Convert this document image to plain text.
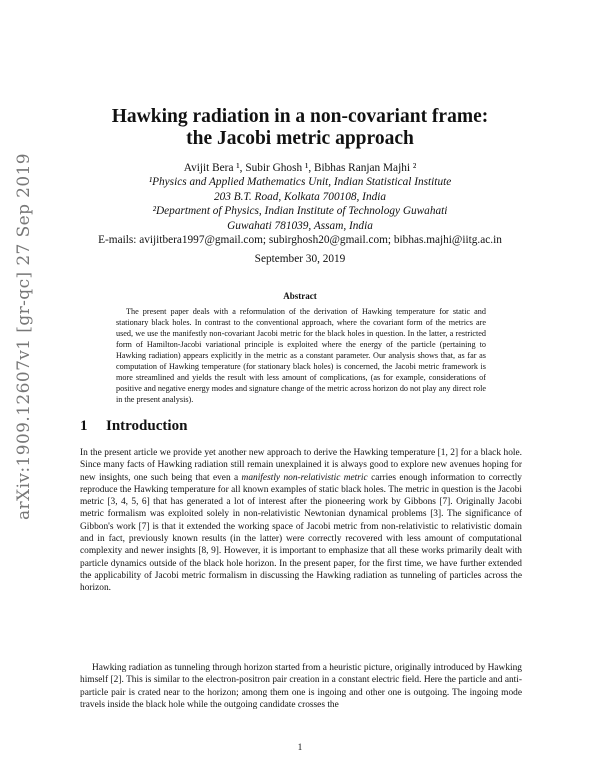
arXiv:1909.12607v1 [gr-qc] 27 Sep 2019
Hawking radiation in a non-covariant frame:
the Jacobi metric approach
Avijit Bera ¹, Subir Ghosh ¹, Bibhas Ranjan Majhi ²
¹Physics and Applied Mathematics Unit, Indian Statistical Institute
203 B.T. Road, Kolkata 700108, India
²Department of Physics, Indian Institute of Technology Guwahati
Guwahati 781039, Assam, India
E-mails: avijitbera1997@gmail.com; subirghosh20@gmail.com; bibhas.majhi@iitg.ac.in
September 30, 2019
Abstract

The present paper deals with a reformulation of the derivation of Hawking temperature for static and stationary black holes. In contrast to the conventional approach, where the covariant form of the metrics are used, we use the manifestly non-covariant Jacobi metric for the black holes in question. In the latter, a restricted form of Hamilton-Jacobi variational principle is exploited where the energy of the particle (pertaining to Hawking radiation) appears explicitly in the metric as a constant parameter. Our analysis shows that, as far as computation of Hawking temperature (for stationary black holes) is concerned, the Jacobi metric framework is more streamlined and yields the result with less amount of complications, (as for example, considerations of positive and negative energy modes and signature change of the metric across horizon do not play any direct role in the present analysis).

1 Introduction

In the present article we provide yet another new approach to derive the Hawking temperature [1, 2] for a black hole. Since many facts of Hawking radiation still remain unexplained it is always good to explore new avenues hoping for new insights, one such being that even a manifestly non-relativistic metric carries enough information to correctly reproduce the Hawking temperature for all known examples of static black holes. The metric in question is the Jacobi metric [3, 4, 5, 6] that has generated a lot of interest after the pioneering work by Gibbons [7]. Originally Jacobi metric formalism was exploited solely in non-relativistic Newtonian dynamical problems [3]. The significance of Gibbon's work [7] is that it extended the working space of Jacobi metric from non-relativistic to relativistic domain and in fact, previously known results (in the latter) were correctly recovered with less amount of computational complexity and newer insights [8, 9]. However, it is important to emphasize that all these works primarily dealt with particle dynamics outside of the black hole horizon. In the present paper, for the first time, we have further extended the applicability of Jacobi metric formalism in discussing the Hawking radiation as tunneling of particles across the horizon.

Hawking radiation as tunneling through horizon started from a heuristic picture, originally introduced by Hawking himself [2]. This is similar to the electron-positron pair creation in a constant electric field. Here the particle and anti-particle pair is crated near to the horizon; among them one is ingoing and other one is outgoing. The ingoing mode travels inside the black hole while the outgoing candidate crosses the

1
